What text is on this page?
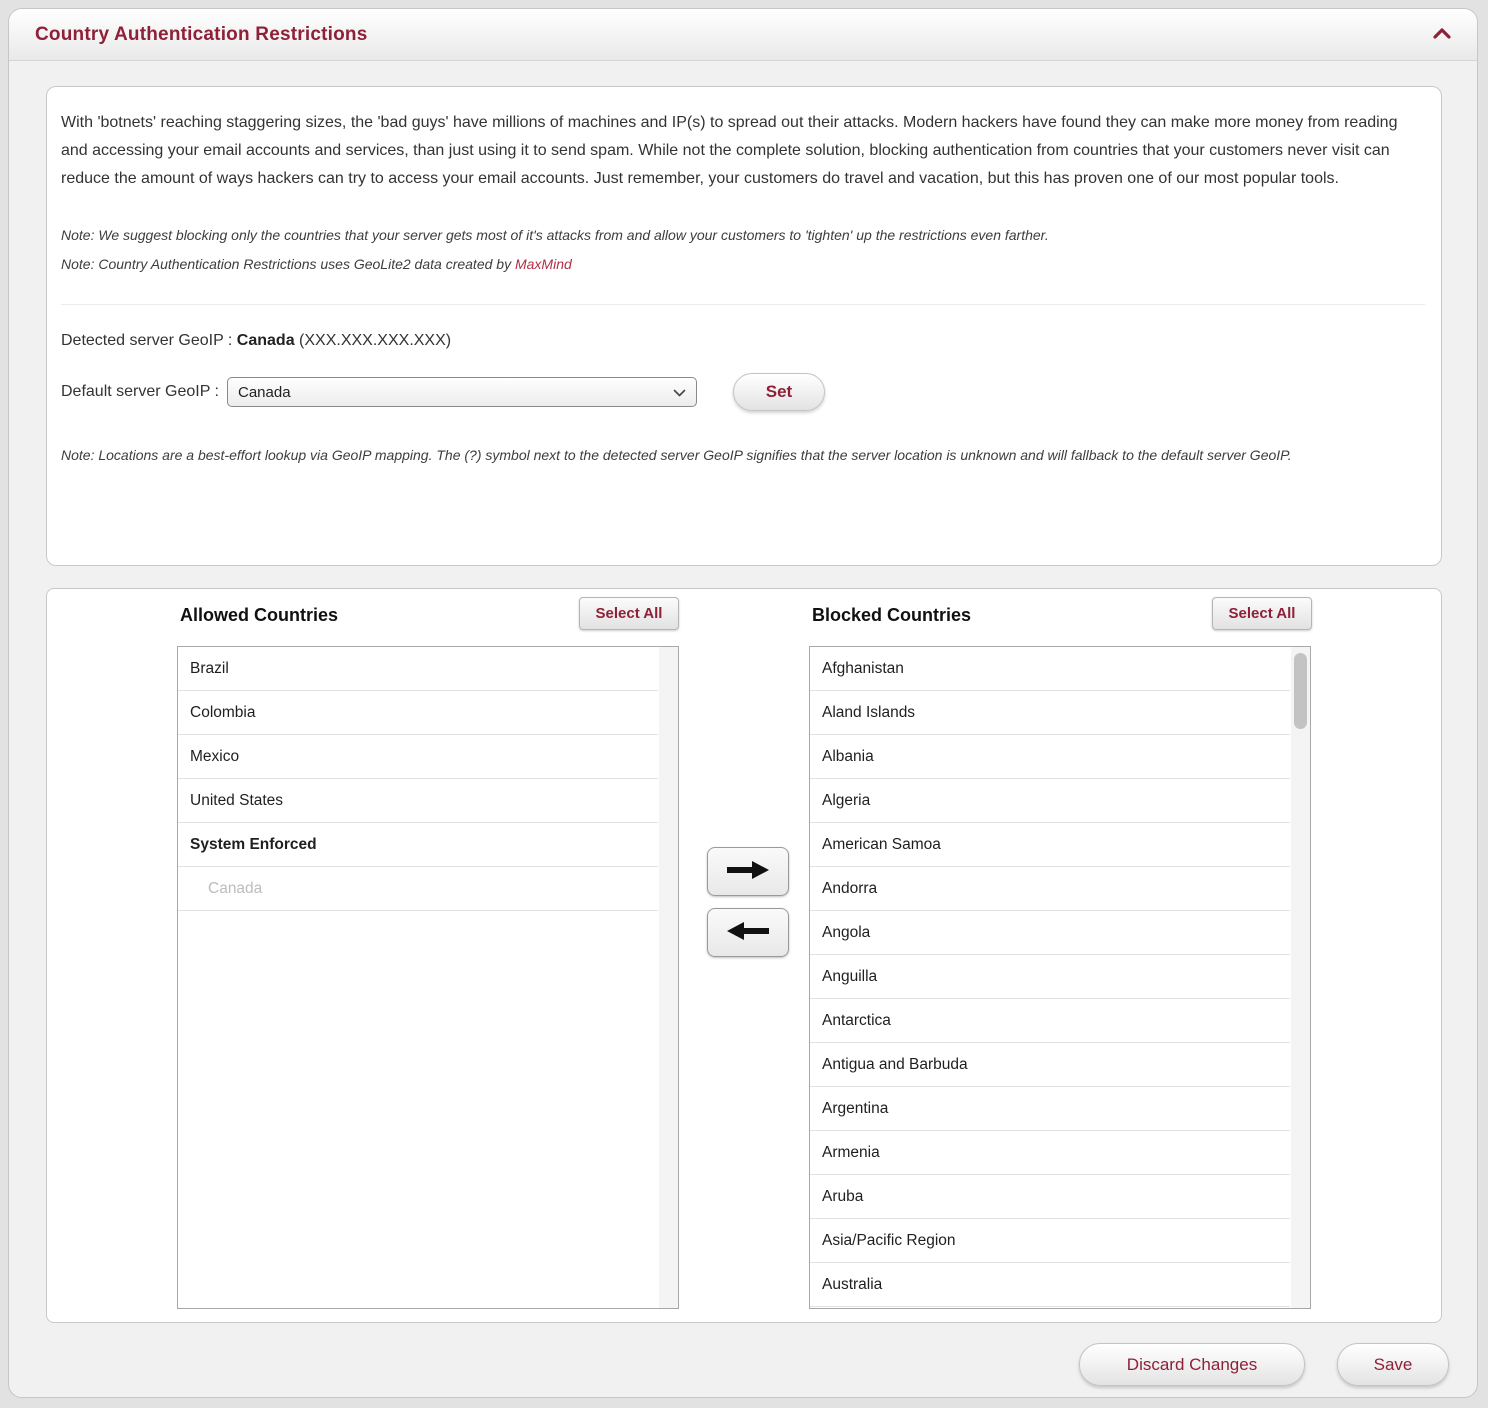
Country Authentication Restrictions

With 'botnets' reaching staggering sizes, the 'bad guys' have millions of machines and IP(s) to spread out their attacks. Modern hackers have found they can make more money from reading and accessing your email accounts and services, than just using it to send spam. While not the complete solution, blocking authentication from countries that your customers never visit can reduce the amount of ways hackers can try to access your email accounts. Just remember, your customers do travel and vacation, but this has proven one of our most popular tools.

Note: We suggest blocking only the countries that your server gets most of it's attacks from and allow your customers to 'tighten' up the restrictions even farther.

Note: Country Authentication Restrictions uses GeoLite2 data created by MaxMind

Detected server GeoIP : Canada (XXX.XXX.XXX.XXX)
Default server GeoIP : Canada	Set

Note: Locations are a best-effort lookup via GeoIP mapping. The (?) symbol next to the detected server GeoIP signifies that the server location is unknown and will fallback to the default server GeoIP.

Allowed Countries	Select All
Brazil
Colombia
Mexico
United States
System Enforced
Canada
Blocked Countries	Select All
Afghanistan
Aland Islands
Albania
Algeria
American Samoa
Andorra
Angola
Anguilla
Antarctica
Antigua and Barbuda
Argentina
Armenia
Aruba
Asia/Pacific Region
Australia
Discard Changes	Save
